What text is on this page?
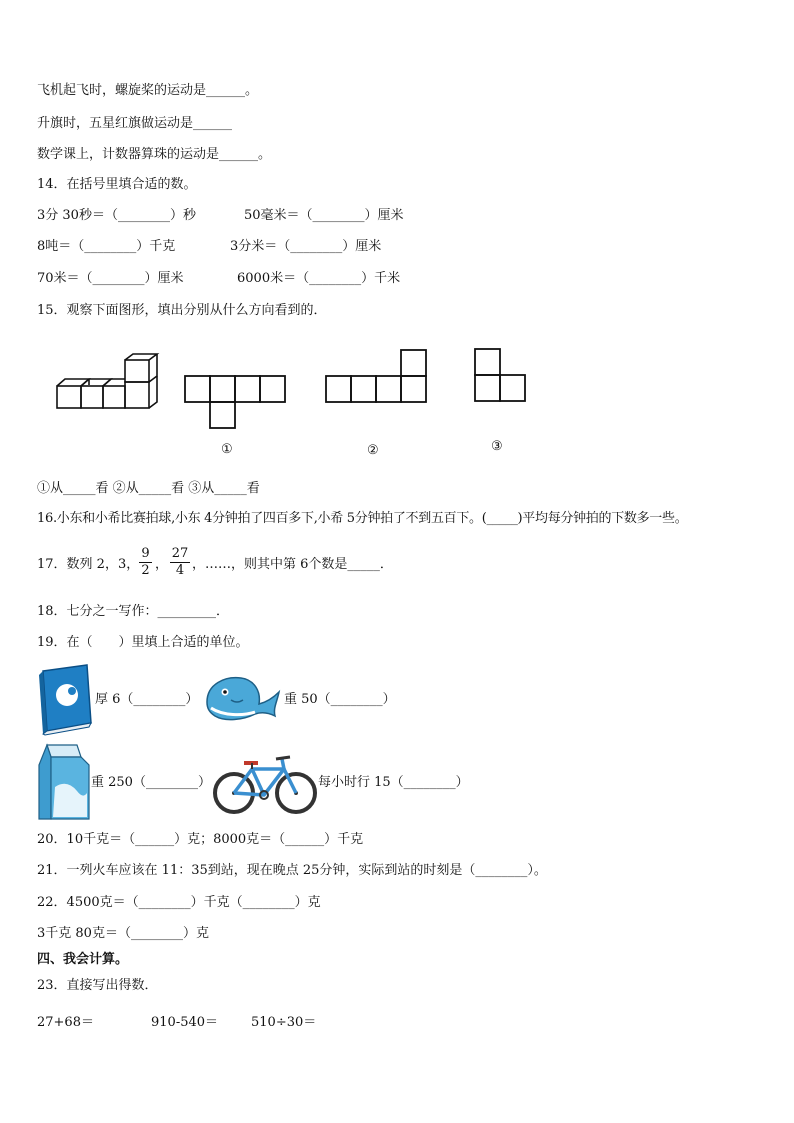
飞机起飞时，螺旋桨的运动是______。
升旗时，五星红旗做运动是______
数学课上，计数器算珠的运动是______。
14．在括号里填合适的数。
3分 30秒＝（________）秒	50毫米＝（________）厘米
8吨＝（________）千克	3分米＝（________）厘米
70米＝（________）厘米	6000米＝（________）千米
15．观察下面图形，填出分别从什么方向看到的．
①	②	③
①从_____看 ②从_____看 ③从_____看
16.小东和小希比赛拍球,小东 4分钟拍了四百多下,小希 5分钟拍了不到五百下。(_____)平均每分钟拍的下数多一些。
17．数列 2，3， $\frac{9}{2}$ ， $\frac{27}{4}$ ，……，则其中第 6个数是_____．
18．七分之一写作：_________．
19．在（　　）里填上合适的单位。
厚 6（________）	重 50（________）
重 250（________）	每小时行 15（________）
20．10千克＝（______）克；8000克＝（______）千克
21．一列火车应该在 11：35到站，现在晚点 25分钟，实际到站的时刻是（________）。
22．4500克＝（________）千克（________）克
3千克 80克＝（________）克
四、我会计算。
23．直接写出得数．
27+68＝	910-540＝	510÷30＝
